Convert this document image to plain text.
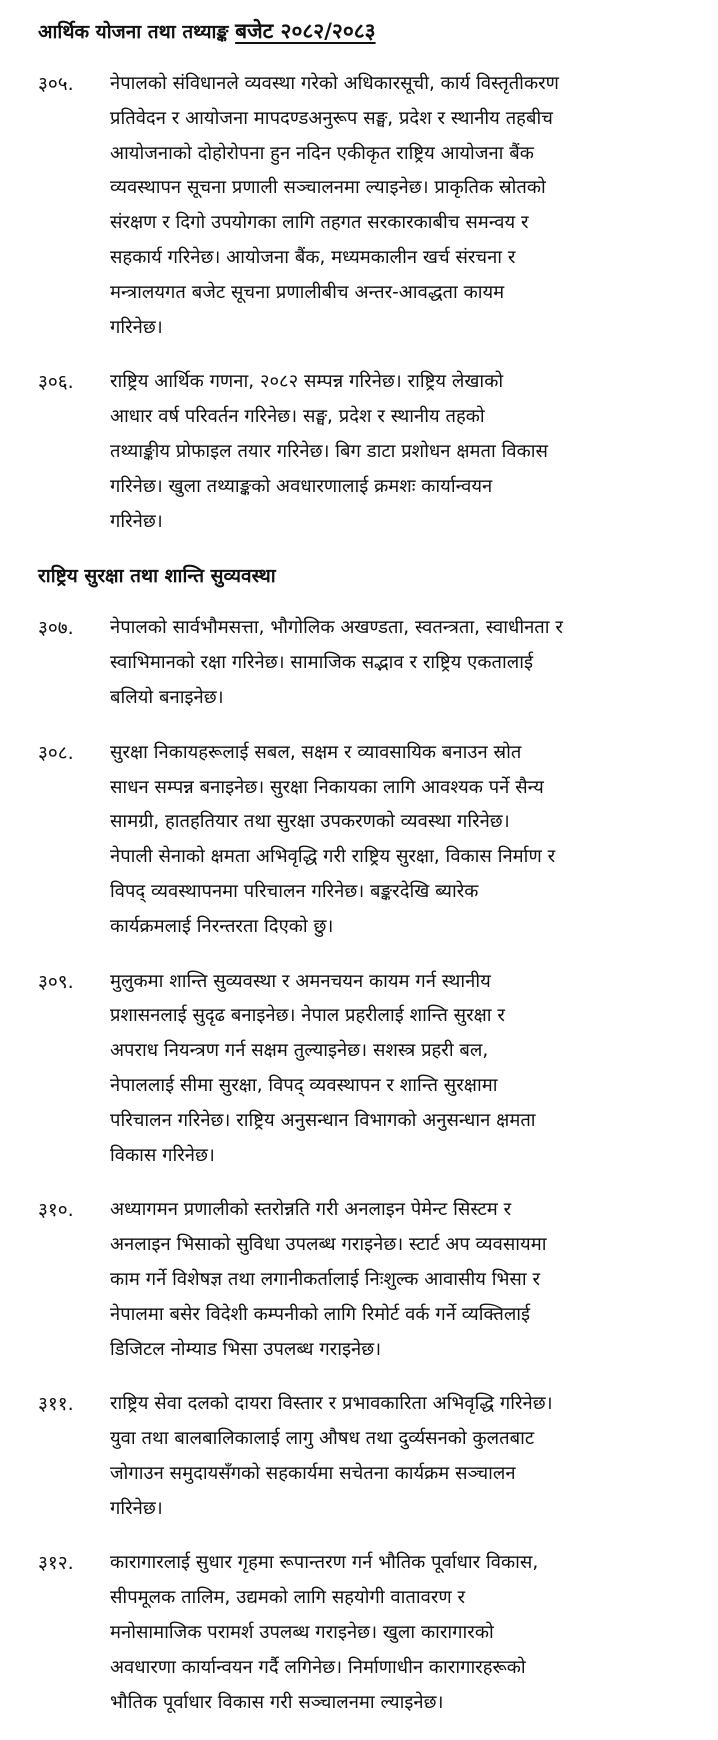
आर्थिक योजना तथा तथ्याङ्क बजेट २०८२/२०८३
३०५.	नेपालको संविधानले व्यवस्था गरेको अधिकारसूची, कार्य विस्तृतीकरण
प्रतिवेदन र आयोजना मापदण्डअनुरूप सङ्घ, प्रदेश र स्थानीय तहबीच
आयोजनाको दोहोरोपना हुन नदिन एकीकृत राष्ट्रिय आयोजना बैंक
व्यवस्थापन सूचना प्रणाली सञ्चालनमा ल्याइनेछ। प्राकृतिक स्रोतको
संरक्षण र दिगो उपयोगका लागि तहगत सरकारकाबीच समन्वय र
सहकार्य गरिनेछ। आयोजना बैंक, मध्यमकालीन खर्च संरचना र
मन्त्रालयगत बजेट सूचना प्रणालीबीच अन्तर-आवद्धता कायम
गरिनेछ।
३०६.	राष्ट्रिय आर्थिक गणना, २०८२ सम्पन्न गरिनेछ। राष्ट्रिय लेखाको
आधार वर्ष परिवर्तन गरिनेछ। सङ्घ, प्रदेश र स्थानीय तहको
तथ्याङ्कीय प्रोफाइल तयार गरिनेछ। बिग डाटा प्रशोधन क्षमता विकास
गरिनेछ। खुला तथ्याङ्कको अवधारणालाई क्रमशः कार्यान्वयन
गरिनेछ।
राष्ट्रिय सुरक्षा तथा शान्ति सुव्यवस्था
३०७.	नेपालको सार्वभौमसत्ता, भौगोलिक अखण्डता, स्वतन्त्रता, स्वाधीनता र
स्वाभिमानको रक्षा गरिनेछ। सामाजिक सद्भाव र राष्ट्रिय एकतालाई
बलियो बनाइनेछ।
३०८.	सुरक्षा निकायहरूलाई सबल, सक्षम र व्यावसायिक बनाउन स्रोत
साधन सम्पन्न बनाइनेछ। सुरक्षा निकायका लागि आवश्यक पर्ने सैन्य
सामग्री, हातहतियार तथा सुरक्षा उपकरणको व्यवस्था गरिनेछ।
नेपाली सेनाको क्षमता अभिवृद्धि गरी राष्ट्रिय सुरक्षा, विकास निर्माण र
विपद् व्यवस्थापनमा परिचालन गरिनेछ। बङ्करदेखि ब्यारेक
कार्यक्रमलाई निरन्तरता दिएको छु।
३०९.	मुलुकमा शान्ति सुव्यवस्था र अमनचयन कायम गर्न स्थानीय
प्रशासनलाई सुदृढ बनाइनेछ। नेपाल प्रहरीलाई शान्ति सुरक्षा र
अपराध नियन्त्रण गर्न सक्षम तुल्याइनेछ। सशस्त्र प्रहरी बल,
नेपाललाई सीमा सुरक्षा, विपद् व्यवस्थापन र शान्ति सुरक्षामा
परिचालन गरिनेछ। राष्ट्रिय अनुसन्धान विभागको अनुसन्धान क्षमता
विकास गरिनेछ।
३१०.	अध्यागमन प्रणालीको स्तरोन्नति गरी अनलाइन पेमेन्ट सिस्टम र
अनलाइन भिसाको सुविधा उपलब्ध गराइनेछ। स्टार्ट अप व्यवसायमा
काम गर्ने विशेषज्ञ तथा लगानीकर्तालाई निःशुल्क आवासीय भिसा र
नेपालमा बसेर विदेशी कम्पनीको लागि रिमोर्ट वर्क गर्ने व्यक्तिलाई
डिजिटल नोम्याड भिसा उपलब्ध गराइनेछ।
३११.	राष्ट्रिय सेवा दलको दायरा विस्तार र प्रभावकारिता अभिवृद्धि गरिनेछ।
युवा तथा बालबालिकालाई लागु औषध तथा दुर्व्यसनको कुलतबाट
जोगाउन समुदायसँगको सहकार्यमा सचेतना कार्यक्रम सञ्चालन
गरिनेछ।
३१२.	कारागारलाई सुधार गृहमा रूपान्तरण गर्न भौतिक पूर्वाधार विकास,
सीपमूलक तालिम, उद्यमको लागि सहयोगी वातावरण र
मनोसामाजिक परामर्श उपलब्ध गराइनेछ। खुला कारागारको
अवधारणा कार्यान्वयन गर्दै लगिनेछ। निर्माणाधीन कारागारहरूको
भौतिक पूर्वाधार विकास गरी सञ्चालनमा ल्याइनेछ।
